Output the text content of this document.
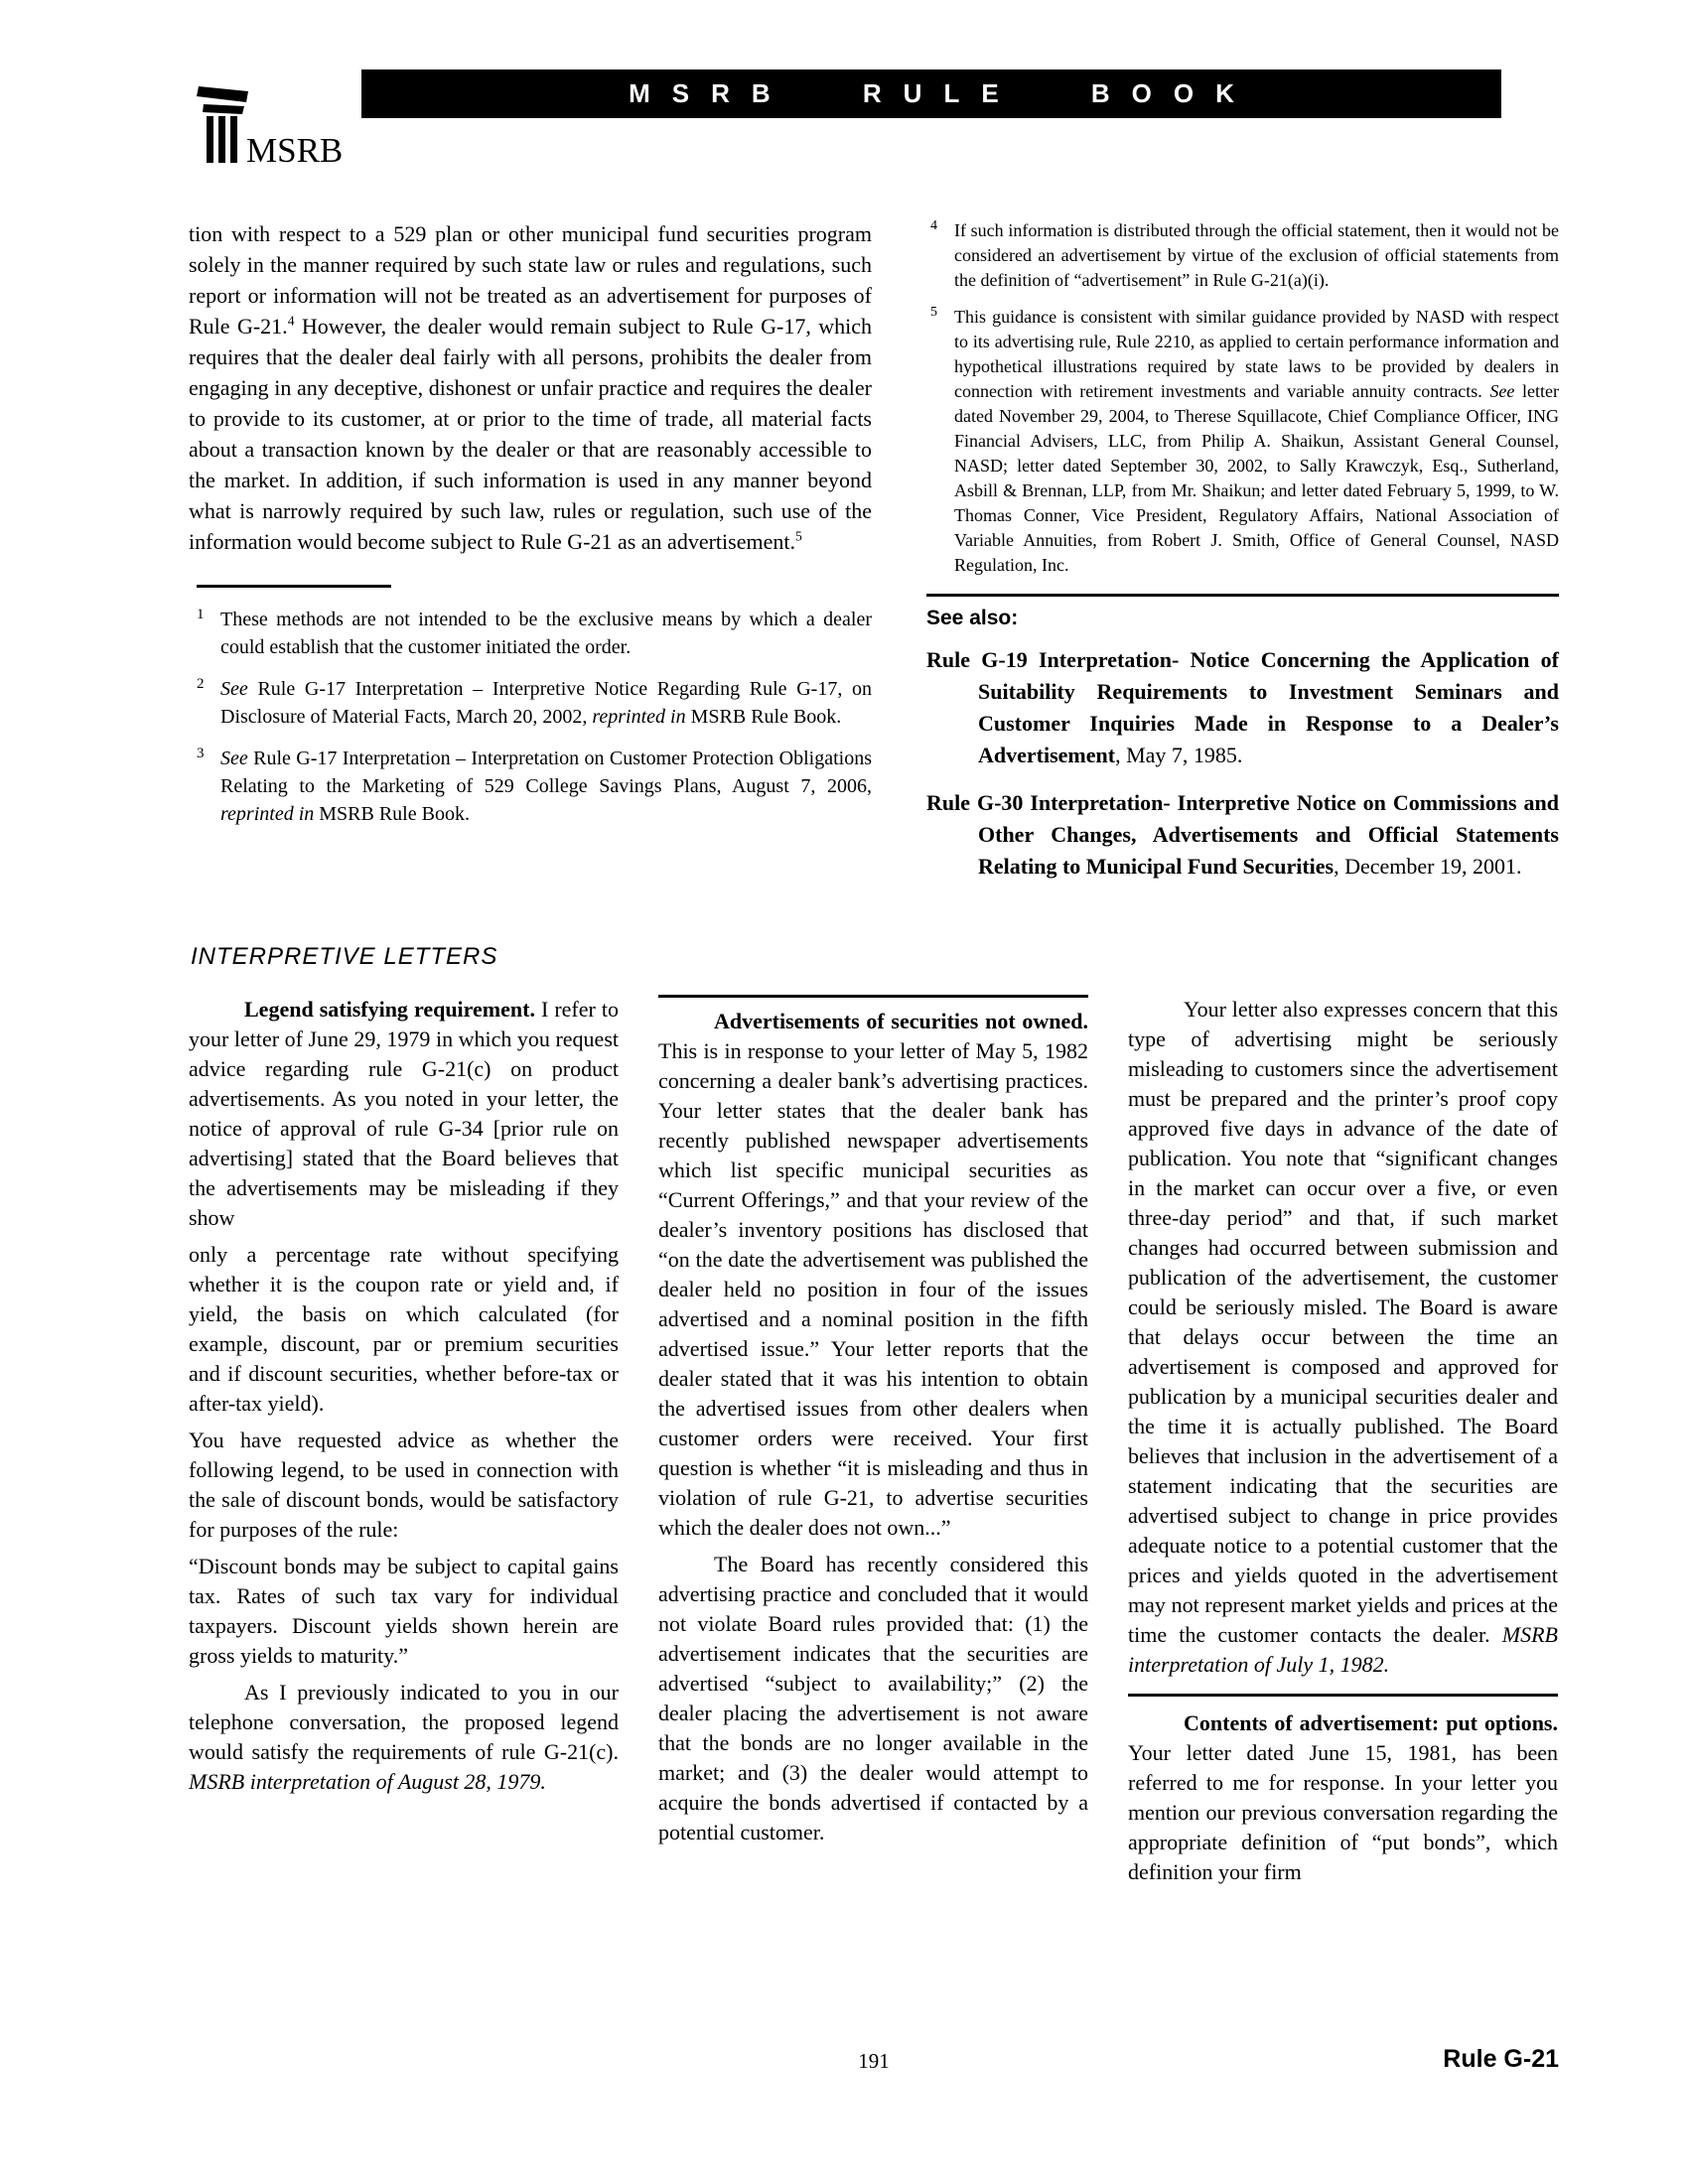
MSRB
MSRB RULE BOOK

tion with respect to a 529 plan or other municipal fund securities program solely in the manner required by such state law or rules and regulations, such report or information will not be treated as an advertisement for purposes of Rule G-21.$^4$ However, the dealer would remain subject to Rule G-17, which requires that the dealer deal fairly with all persons, prohibits the dealer from engaging in any deceptive, dishonest or unfair practice and requires the dealer to provide to its customer, at or prior to the time of trade, all material facts about a transaction known by the dealer or that are reasonably accessible to the market. In addition, if such information is used in any manner beyond what is narrowly required by such law, rules or regulation, such use of the information would become subject to Rule G-21 as an advertisement.$^5$

1 These methods are not intended to be the exclusive means by which a dealer could establish that the customer initiated the order.
2 See Rule G-17 Interpretation – Interpretive Notice Regarding Rule G-17, on Disclosure of Material Facts, March 20, 2002, reprinted in MSRB Rule Book.
3 See Rule G-17 Interpretation – Interpretation on Customer Protection Obligations Relating to the Marketing of 529 College Savings Plans, August 7, 2006, reprinted in MSRB Rule Book.
4 If such information is distributed through the official statement, then it would not be considered an advertisement by virtue of the exclusion of official statements from the definition of “advertisement” in Rule G-21(a)(i).
5 This guidance is consistent with similar guidance provided by NASD with respect to its advertising rule, Rule 2210, as applied to certain performance information and hypothetical illustrations required by state laws to be provided by dealers in connection with retirement investments and variable annuity contracts. See letter dated November 29, 2004, to Therese Squillacote, Chief Compliance Officer, ING Financial Advisers, LLC, from Philip A. Shaikun, Assistant General Counsel, NASD; letter dated September 30, 2002, to Sally Krawczyk, Esq., Sutherland, Asbill & Brennan, LLP, from Mr. Shaikun; and letter dated February 5, 1999, to W. Thomas Conner, Vice President, Regulatory Affairs, National Association of Variable Annuities, from Robert J. Smith, Office of General Counsel, NASD Regulation, Inc.
See also:
Rule G-19 Interpretation- Notice Concerning the Application of Suitability Requirements to Investment Seminars and Customer Inquiries Made in Response to a Dealer’s Advertisement, May 7, 1985.
Rule G-30 Interpretation- Interpretive Notice on Commissions and Other Changes, Advertisements and Official Statements Relating to Municipal Fund Securities, December 19, 2001.
INTERPRETIVE LETTERS

Legend satisfying requirement. I refer to your letter of June 29, 1979 in which you request advice regarding rule G-21(c) on product advertisements. As you noted in your letter, the notice of approval of rule G-34 [prior rule on advertising] stated that the Board believes that the advertisements may be misleading if they show

only a percentage rate without specifying whether it is the coupon rate or yield and, if yield, the basis on which calculated (for example, discount, par or premium securities and if discount securities, whether before-tax or after-tax yield).

You have requested advice as whether the following legend, to be used in connection with the sale of discount bonds, would be satisfactory for purposes of the rule:

“Discount bonds may be subject to capital gains tax. Rates of such tax vary for individual taxpayers. Discount yields shown herein are gross yields to maturity.”

As I previously indicated to you in our telephone conversation, the proposed legend would satisfy the requirements of rule G-21(c). MSRB interpretation of August 28, 1979.

Advertisements of securities not owned. This is in response to your letter of May 5, 1982 concerning a dealer bank’s advertising practices. Your letter states that the dealer bank has recently published newspaper advertisements which list specific municipal securities as “Current Offerings,” and that your review of the dealer’s inventory positions has disclosed that “on the date the advertisement was published the dealer held no position in four of the issues advertised and a nominal position in the fifth advertised issue.” Your letter reports that the dealer stated that it was his intention to obtain the advertised issues from other dealers when customer orders were received. Your first question is whether “it is misleading and thus in violation of rule G-21, to advertise securities which the dealer does not own...”

The Board has recently considered this advertising practice and concluded that it would not violate Board rules provided that: (1) the advertisement indicates that the securities are advertised “subject to availability;” (2) the dealer placing the advertisement is not aware that the bonds are no longer available in the market; and (3) the dealer would attempt to acquire the bonds advertised if contacted by a potential customer.

Your letter also expresses concern that this type of advertising might be seriously misleading to customers since the advertisement must be prepared and the printer’s proof copy approved five days in advance of the date of publication. You note that “significant changes in the market can occur over a five, or even three-day period” and that, if such market changes had occurred between submission and publication of the advertisement, the customer could be seriously misled. The Board is aware that delays occur between the time an advertisement is composed and approved for publication by a municipal securities dealer and the time it is actually published. The Board believes that inclusion in the advertisement of a statement indicating that the securities are advertised subject to change in price provides adequate notice to a potential customer that the prices and yields quoted in the advertisement may not represent market yields and prices at the time the customer contacts the dealer. MSRB interpretation of July 1, 1982.

Contents of advertisement: put options. Your letter dated June 15, 1981, has been referred to me for response. In your letter you mention our previous conversation regarding the appropriate definition of “put bonds”, which definition your firm

191	Rule G-21
